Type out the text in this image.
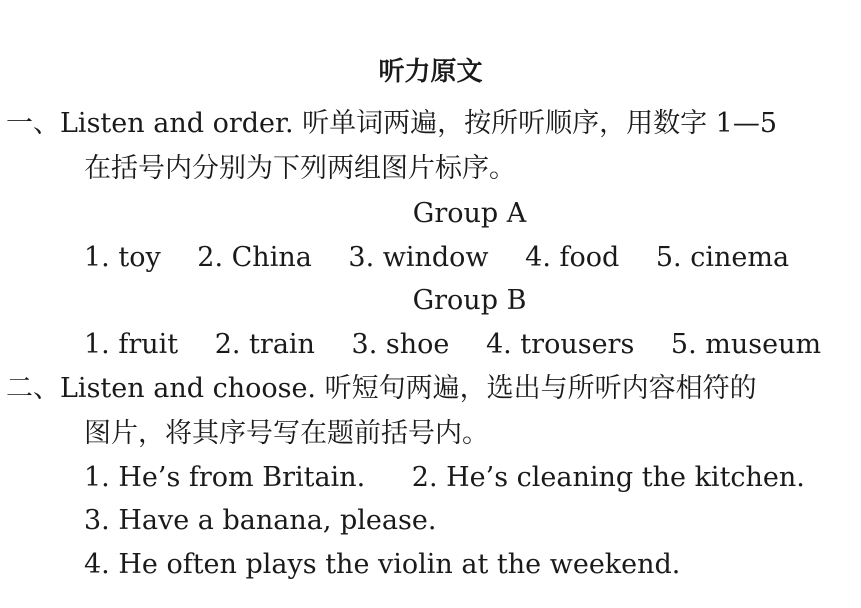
听力原文
一、Listen and order. 听单词两遍，按所听顺序，用数字 1—5
在括号内分别为下列两组图片标序。
Group A
1. toy 2. China 3. window 4. food 5. cinema
Group B
1. fruit 2. train 3. shoe 4. trousers 5. museum
二、Listen and choose. 听短句两遍，选出与所听内容相符的
图片，将其序号写在题前括号内。
1. He’s from Britain. 2. He’s cleaning the kitchen.
3. Have a banana, please.
4. He often plays the violin at the weekend.
